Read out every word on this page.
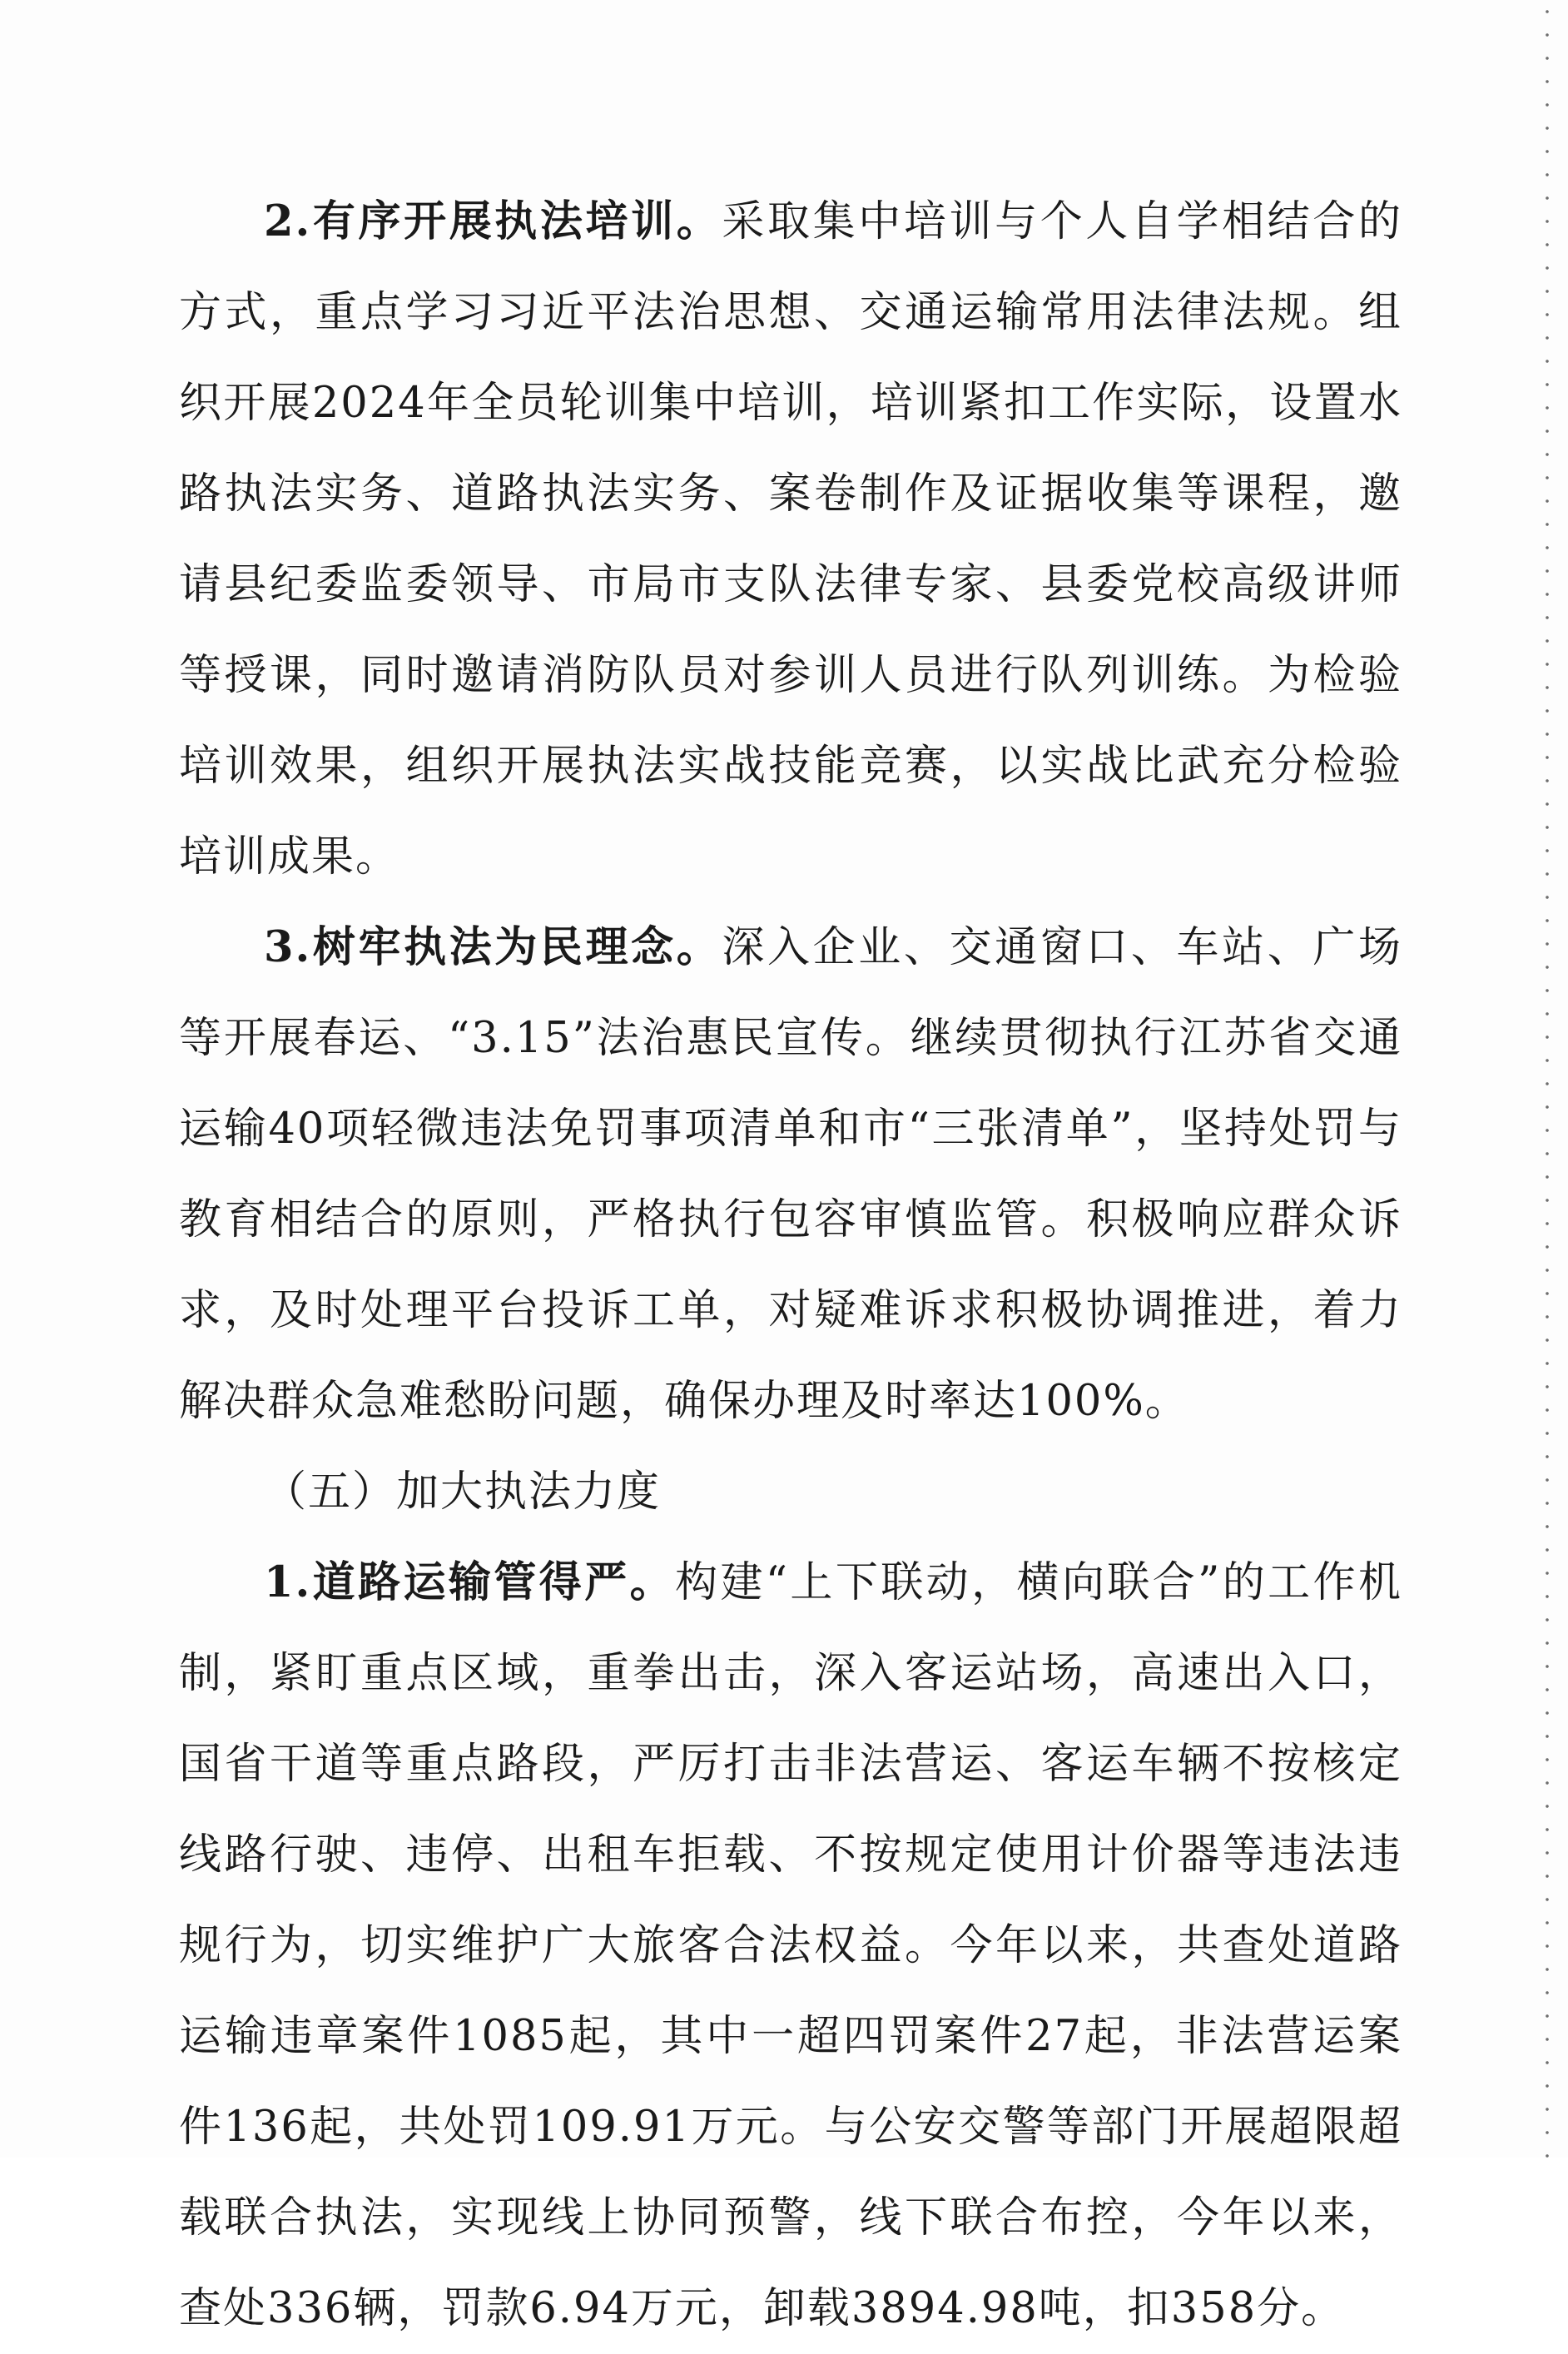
2.有序开展执法培训。采取集中培训与个人自学相结合的方式，重点学习习近平法治思想、交通运输常用法律法规。组织开展2024年全员轮训集中培训，培训紧扣工作实际，设置水路执法实务、道路执法实务、案卷制作及证据收集等课程，邀请县纪委监委领导、市局市支队法律专家、县委党校高级讲师等授课，同时邀请消防队员对参训人员进行队列训练。为检验培训效果，组织开展执法实战技能竞赛，以实战比武充分检验培训成果。

3.树牢执法为民理念。深入企业、交通窗口、车站、广场等开展春运、“3.15”法治惠民宣传。继续贯彻执行江苏省交通运输40项轻微违法免罚事项清单和市“三张清单”，坚持处罚与教育相结合的原则，严格执行包容审慎监管。积极响应群众诉求，及时处理平台投诉工单，对疑难诉求积极协调推进，着力解决群众急难愁盼问题，确保办理及时率达100%。

（五）加大执法力度

1.道路运输管得严。构建“上下联动，横向联合”的工作机制，紧盯重点区域，重拳出击，深入客运站场，高速出入口，国省干道等重点路段，严厉打击非法营运、客运车辆不按核定线路行驶、违停、出租车拒载、不按规定使用计价器等违法违规行为，切实维护广大旅客合法权益。今年以来，共查处道路运输违章案件1085起，其中一超四罚案件27起，非法营运案件136起，共处罚109.91万元。与公安交警等部门开展超限超载联合执法，实现线上协同预警，线下联合布控，今年以来，查处336辆，罚款6.94万元，卸载3894.98吨，扣358分。
